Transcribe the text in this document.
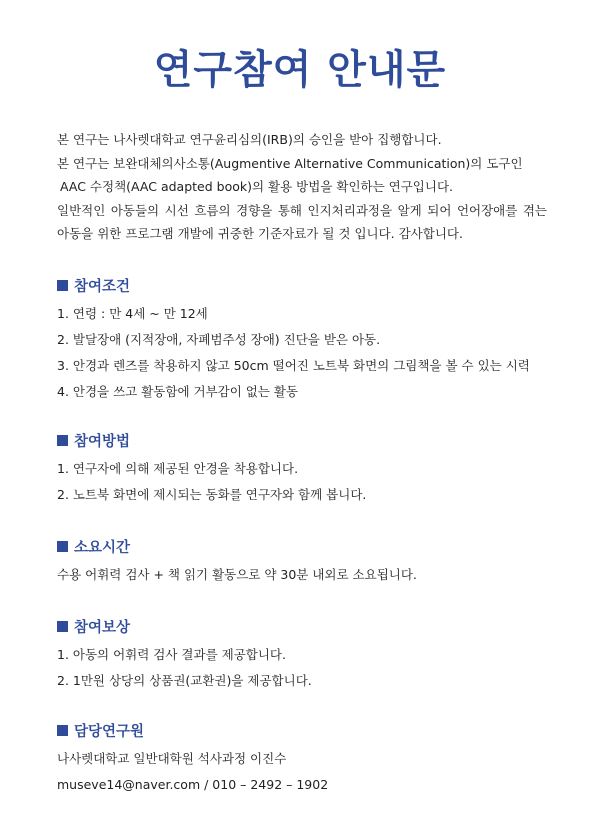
연구참여 안내문

본 연구는 나사렛대학교 연구윤리심의(IRB)의 승인을 받아 집행합니다.

본 연구는 보완대체의사소통(Augmentive Alternative Communication)의 도구인

AAC 수정책(AAC adapted book)의 활용 방법을 확인하는 연구입니다.

일반적인 아동들의 시선 흐름의 경향을 통해 인지처리과정을 알게 되어 언어장애를 겪는 아동을 위한 프로그램 개발에 귀중한 기준자료가 될 것 입니다. 감사합니다.

참여조건
1. 연령 : 만 4세 ~ 만 12세
2. 발달장애 (지적장애, 자폐범주성 장애) 진단을 받은 아동.
3. 안경과 렌즈를 착용하지 않고 50cm 떨어진 노트북 화면의 그림책을 볼 수 있는 시력
4. 안경을 쓰고 활동함에 거부감이 없는 활동
참여방법
1. 연구자에 의해 제공된 안경을 착용합니다.
2. 노트북 화면에 제시되는 동화를 연구자와 함께 봅니다.
소요시간
수용 어휘력 검사 + 책 읽기 활동으로 약 30분 내외로 소요됩니다.
참여보상
1. 아동의 어휘력 검사 결과를 제공합니다.
2. 1만원 상당의 상품권(교환권)을 제공합니다.
담당연구원
나사렛대학교 일반대학원 석사과정 이진수
museve14@naver.com / 010 – 2492 – 1902
